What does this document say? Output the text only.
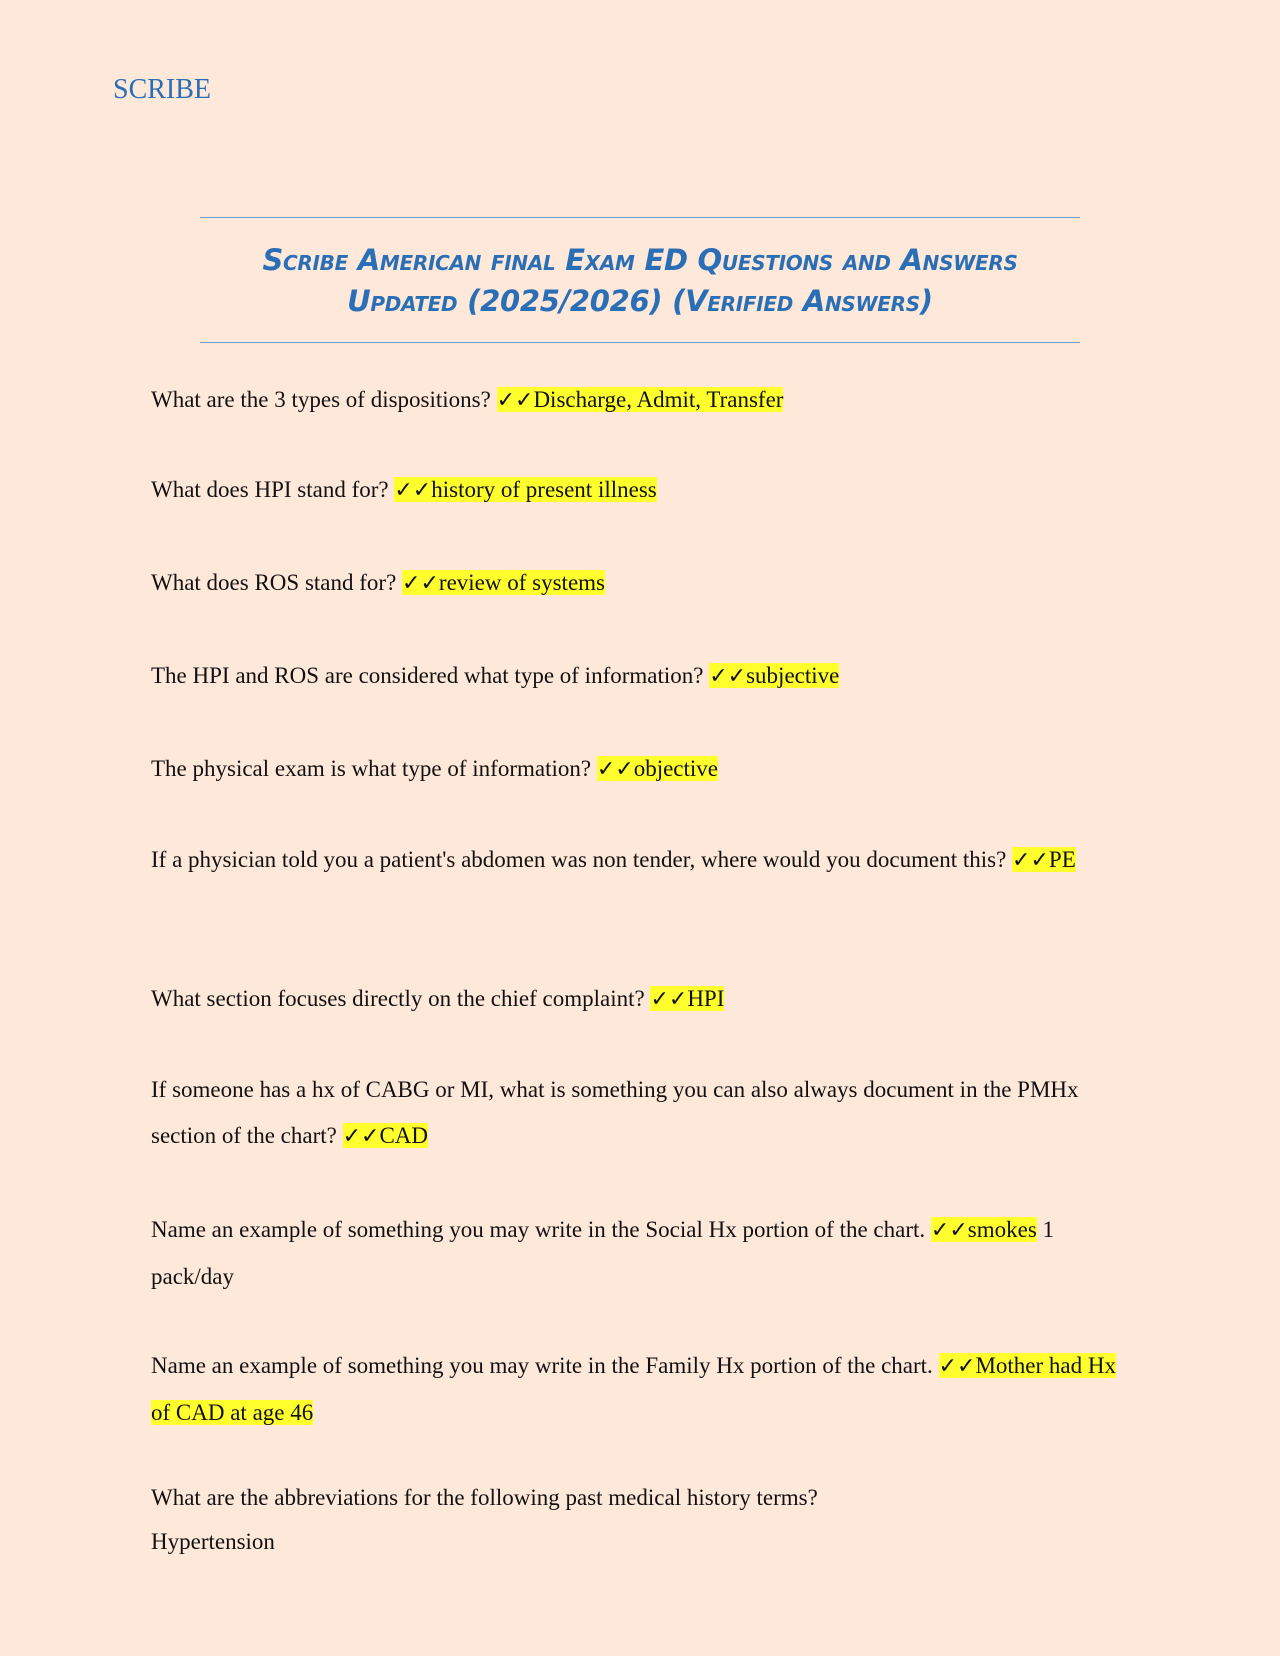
SCRIBE
Scribe American final Exam ED Questions and Answers
Updated (2025/2026) (Verified Answers)
What are the 3 types of dispositions? ✓✓Discharge, Admit, Transfer
What does HPI stand for? ✓✓history of present illness
What does ROS stand for? ✓✓review of systems
The HPI and ROS are considered what type of information? ✓✓subjective
The physical exam is what type of information? ✓✓objective
If a physician told you a patient's abdomen was non tender, where would you document this? ✓✓PE
What section focuses directly on the chief complaint? ✓✓HPI
If someone has a hx of CABG or MI, what is something you can also always document in the PMHx section of the chart? ✓✓CAD
Name an example of something you may write in the Social Hx portion of the chart. ✓✓smokes 1 pack/day
Name an example of something you may write in the Family Hx portion of the chart. ✓✓Mother had Hx of CAD at age 46
What are the abbreviations for the following past medical history terms?
Hypertension
